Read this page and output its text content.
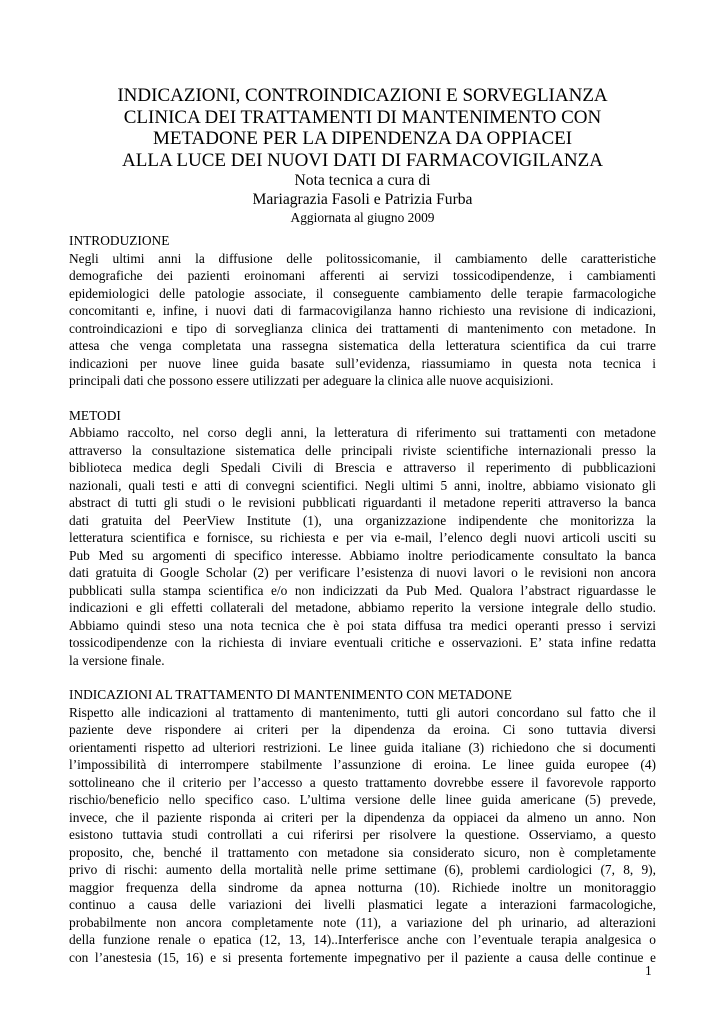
INDICAZIONI, CONTROINDICAZIONI E SORVEGLIANZA
CLINICA DEI TRATTAMENTI DI MANTENIMENTO CON
METADONE PER LA DIPENDENZA DA OPPIACEI
ALLA LUCE DEI NUOVI DATI DI FARMACOVIGILANZA
Nota tecnica a cura di
Mariagrazia Fasoli e Patrizia Furba
Aggiornata al giugno 2009
INTRODUZIONE
Negli ultimi anni la diffusione delle politossicomanie, il cambiamento delle caratteristiche
demografiche dei pazienti eroinomani afferenti ai servizi tossicodipendenze, i cambiamenti
epidemiologici delle patologie associate, il conseguente cambiamento delle terapie farmacologiche
concomitanti e, infine, i nuovi dati di farmacovigilanza hanno richiesto una revisione di indicazioni,
controindicazioni e tipo di sorveglianza clinica dei trattamenti di mantenimento con metadone. In
attesa che venga completata una rassegna sistematica della letteratura scientifica da cui trarre
indicazioni per nuove linee guida basate sull’evidenza, riassumiamo in questa nota tecnica i
principali dati che possono essere utilizzati per adeguare la clinica alle nuove acquisizioni.
METODI
Abbiamo raccolto, nel corso degli anni, la letteratura di riferimento sui trattamenti con metadone
attraverso la consultazione sistematica delle principali riviste scientifiche internazionali presso la
biblioteca medica degli Spedali Civili di Brescia e attraverso il reperimento di pubblicazioni
nazionali, quali testi e atti di convegni scientifici. Negli ultimi 5 anni, inoltre, abbiamo visionato gli
abstract di tutti gli studi o le revisioni pubblicati riguardanti il metadone reperiti attraverso la banca
dati gratuita del PeerView Institute (1), una organizzazione indipendente che monitorizza la
letteratura scientifica e fornisce, su richiesta e per via e-mail, l’elenco degli nuovi articoli usciti su
Pub Med su argomenti di specifico interesse. Abbiamo inoltre periodicamente consultato la banca
dati gratuita di Google Scholar (2) per verificare l’esistenza di nuovi lavori o le revisioni non ancora
pubblicati sulla stampa scientifica e/o non indicizzati da Pub Med. Qualora l’abstract riguardasse le
indicazioni e gli effetti collaterali del metadone, abbiamo reperito la versione integrale dello studio.
Abbiamo quindi steso una nota tecnica che è poi stata diffusa tra medici operanti presso i servizi
tossicodipendenze con la richiesta di inviare eventuali critiche e osservazioni. E’ stata infine redatta
la versione finale.
INDICAZIONI AL TRATTAMENTO DI MANTENIMENTO CON METADONE
Rispetto alle indicazioni al trattamento di mantenimento, tutti gli autori concordano sul fatto che il
paziente deve rispondere ai criteri per la dipendenza da eroina. Ci sono tuttavia diversi
orientamenti rispetto ad ulteriori restrizioni. Le linee guida italiane (3) richiedono che si documenti
l’impossibilità di interrompere stabilmente l’assunzione di eroina. Le linee guida europee (4)
sottolineano che il criterio per l’accesso a questo trattamento dovrebbe essere il favorevole rapporto
rischio/beneficio nello specifico caso. L’ultima versione delle linee guida americane (5) prevede,
invece, che il paziente risponda ai criteri per la dipendenza da oppiacei da almeno un anno. Non
esistono tuttavia studi controllati a cui riferirsi per risolvere la questione. Osserviamo, a questo
proposito, che, benché il trattamento con metadone sia considerato sicuro, non è completamente
privo di rischi: aumento della mortalità nelle prime settimane (6), problemi cardiologici (7, 8, 9),
maggior frequenza della sindrome da apnea notturna (10). Richiede inoltre un monitoraggio
continuo a causa delle variazioni dei livelli plasmatici legate a interazioni farmacologiche,
probabilmente non ancora completamente note (11), a variazione del ph urinario, ad alterazioni
della funzione renale o epatica (12, 13, 14)..Interferisce anche con l’eventuale terapia analgesica o
con l’anestesia (15, 16) e si presenta fortemente impegnativo per il paziente a causa delle continue e
1
